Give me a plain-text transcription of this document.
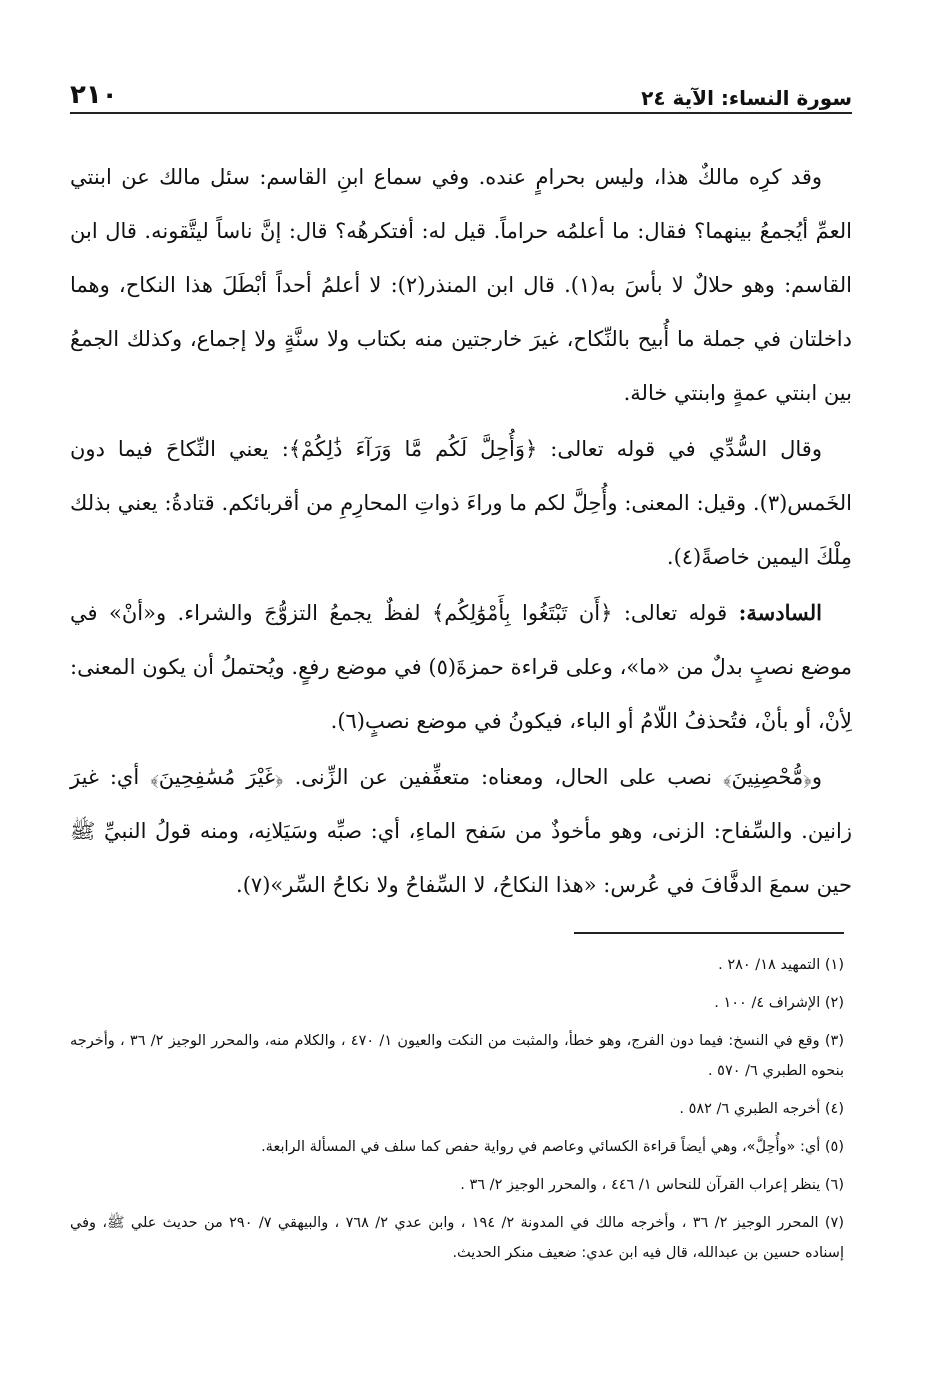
سورة النساء: الآية ٢٤
٢١٠

وقد كرِه مالكٌ هذا، وليس بحرامٍ عنده. وفي سماع ابنِ القاسم: سئل مالك عن ابنتي العمِّ أيُجمعُ بينهما؟ فقال: ما أعلمُه حراماً. قيل له: أفتكرهُه؟ قال: إنَّ ناساً ليتَّقونه. قال ابن القاسم: وهو حلالٌ لا بأسَ به(١). قال ابن المنذر(٢): لا أعلمُ أحداً أبْطَلَ هذا النكاح، وهما داخلتان في جملة ما أُبيح بالنِّكاح، غيرَ خارجتين منه بكتاب ولا سنَّةٍ ولا إجماع، وكذلك الجمعُ بين ابنتي عمةٍ وابنتي خالة.

وقال السُّدِّي في قوله تعالى: ﴿وَأُحِلَّ لَكُم مَّا وَرَآءَ ذَٰلِكُمْ﴾: يعني النِّكاحَ فيما دون الخَمس(٣). وقيل: المعنى: وأُحِلَّ لكم ما وراءَ ذواتِ المحارِمِ من أقربائكم. قتادةُ: يعني بذلك مِلْكَ اليمين خاصةً(٤).

السادسة: قوله تعالى: ﴿أَن تَبْتَغُوا بِأَمْوَٰلِكُم﴾ لفظٌ يجمعُ التزوُّجَ والشراء. و«أنْ» في موضع نصبٍ بدلٌ من «ما»، وعلى قراءة حمزةَ(٥) في موضع رفعٍ. ويُحتملُ أن يكون المعنى: لِأنْ، أو بأنْ، فتُحذفُ اللّامُ أو الباء، فيكونُ في موضع نصبٍ(٦).

و﴿مُّحْصِنِينَ﴾ نصب على الحال، ومعناه: متعفِّفين عن الزِّنى. ﴿غَيْرَ مُسَٰفِحِينَ﴾ أي: غيرَ زانين. والسِّفاح: الزنى، وهو مأخوذٌ من سَفح الماءِ، أي: صبِّه وسَيَلانِه، ومنه قولُ النبيِّ ﷺ حين سمعَ الدفَّافَ في عُرس: «هذا النكاحُ، لا السِّفاحُ ولا نكاحُ السِّر»(٧).

(١) التمهيد ١٨/ ٢٨٠ .

(٢) الإشراف ٤/ ١٠٠ .

(٣) وقع في النسخ: فيما دون الفرج، وهو خطأ، والمثبت من النكت والعيون ١/ ٤٧٠ ، والكلام منه، والمحرر الوجيز ٢/ ٣٦ ، وأخرجه بنحوه الطبري ٦/ ٥٧٠ .

(٤) أخرجه الطبري ٦/ ٥٨٢ .

(٥) أي: «وأُحِلَّ»، وهي أيضاً قراءة الكسائي وعاصم في رواية حفص كما سلف في المسألة الرابعة.

(٦) ينظر إعراب القرآن للنحاس ١/ ٤٤٦ ، والمحرر الوجيز ٢/ ٣٦ .

(٧) المحرر الوجيز ٢/ ٣٦ ، وأخرجه مالك في المدونة ٢/ ١٩٤ ، وابن عدي ٢/ ٧٦٨ ، والبيهقي ٧/ ٢٩٠ من حديث علي ﷺ، وفي إسناده حسين بن عبدالله، قال فيه ابن عدي: ضعيف منكر الحديث.
